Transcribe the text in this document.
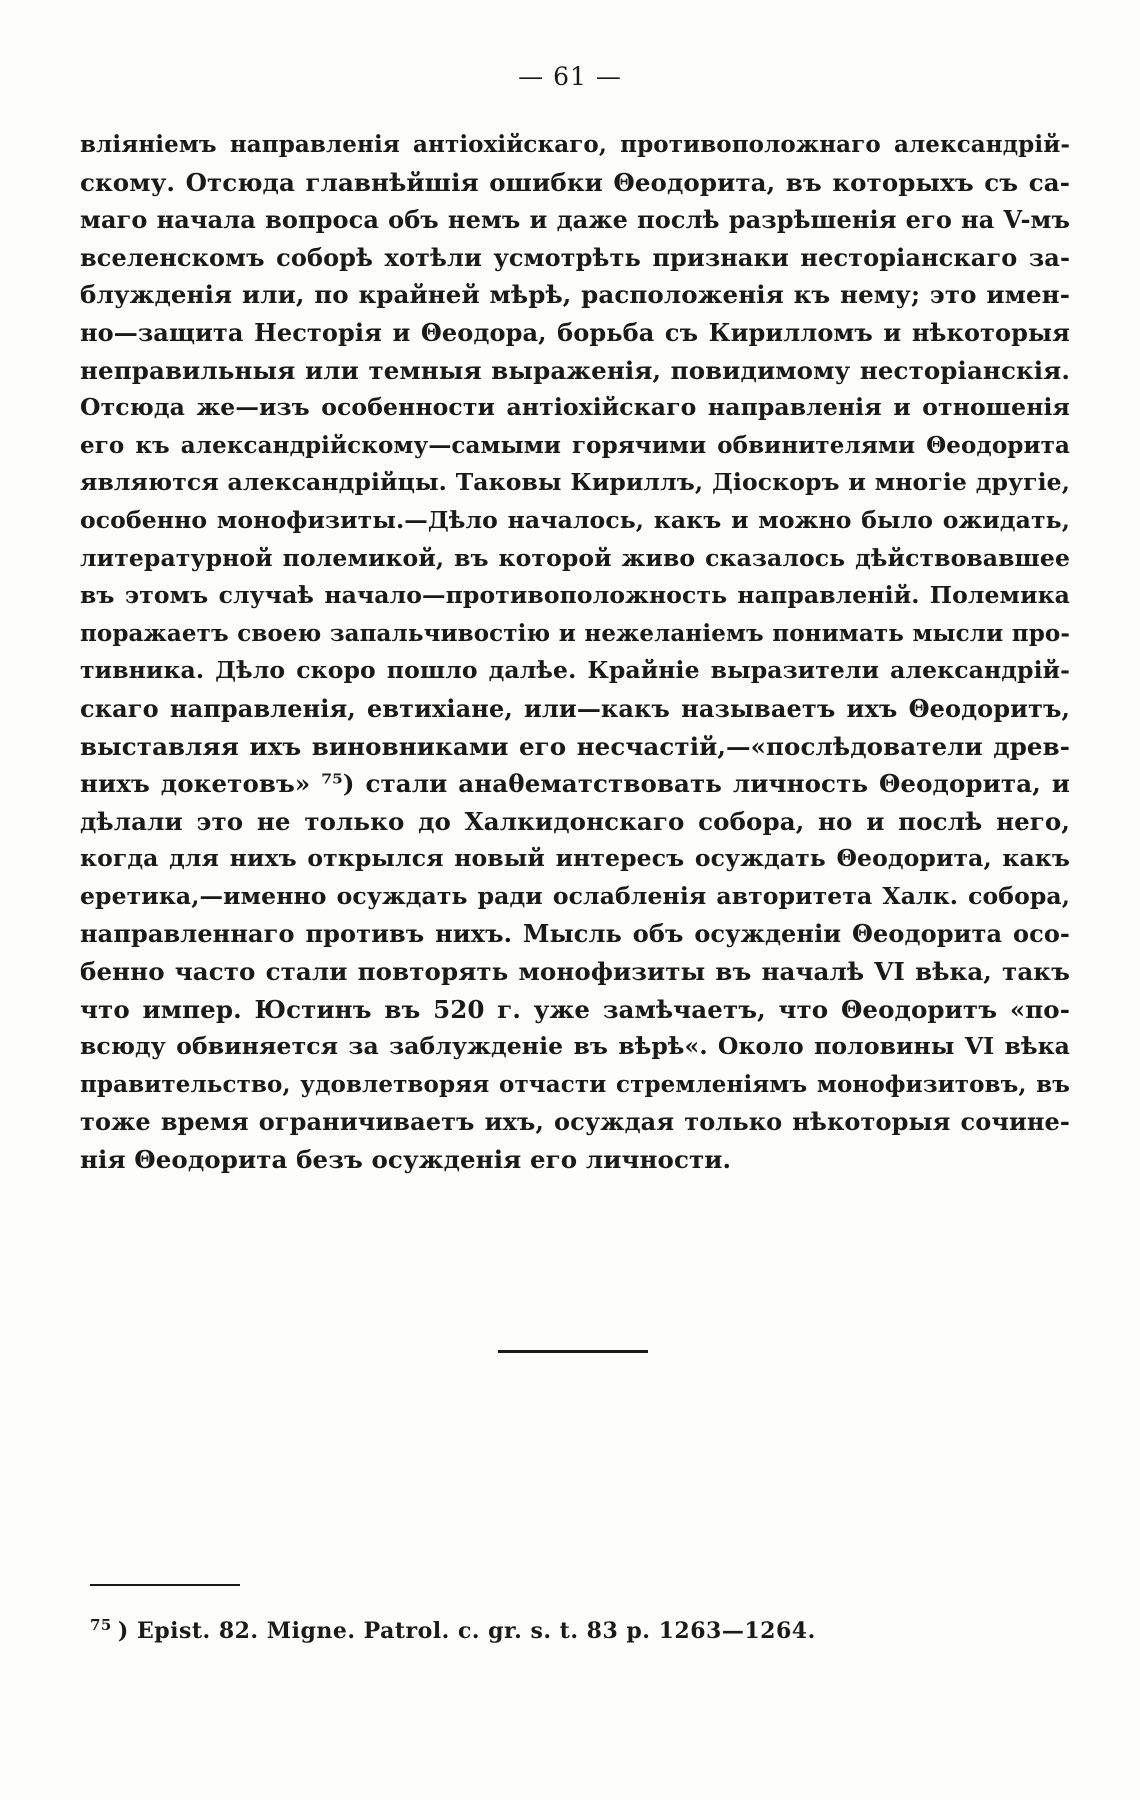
— 61 —
вліяніемъ направленія антіохійскаго, противоположнаго александрій-
скому. Отсюда главнѣйшія ошибки Θеодорита, въ которыхъ съ са-
маго начала вопроса объ немъ и даже послѣ разрѣшенія его на V-мъ
вселенскомъ соборѣ хотѣли усмотрѣть признаки несторіанскаго за-
блужденія или, по крайней мѣрѣ, расположенія къ нему; это имен-
но—защита Несторія и Θеодора, борьба съ Кирилломъ и нѣкоторыя
неправильныя или темныя выраженія, повидимому несторіанскія.
Отсюда же—изъ особенности антіохійскаго направленія и отношенія
его къ александрійскому—самыми горячими обвинителями Θеодорита
являются александрійцы. Таковы Кириллъ, Діоскоръ и многіе другіе,
особенно монофизиты.—Дѣло началось, какъ и можно было ожидать,
литературной полемикой, въ которой живо сказалось дѣйствовавшее
въ этомъ случаѣ начало—противоположность направленій. Полемика
поражаетъ своею запальчивостію и нежеланіемъ понимать мысли про-
тивника. Дѣло скоро пошло далѣе. Крайніе выразители александрій-
скаго направленія, евтихіане, или—какъ называетъ ихъ Θеодоритъ,
выставляя ихъ виновниками его несчастій,—«послѣдователи древ-
нихъ докетовъ» ⁷⁵) стали анаθематствовать личность Θеодорита, и
дѣлали это не только до Халкидонскаго собора, но и послѣ него,
когда для нихъ открылся новый интересъ осуждать Θеодорита, какъ
еретика,—именно осуждать ради ослабленія авторитета Халк. собора,
направленнаго противъ нихъ. Мысль объ осужденіи Θеодорита осо-
бенно часто стали повторять монофизиты въ началѣ VI вѣка, такъ
что импер. Юстинъ въ 520 г. уже замѣчаетъ, что Θеодоритъ «по-
всюду обвиняется за заблужденіе въ вѣрѣ«. Около половины VI вѣка
правительство, удовлетворяя отчасти стремленіямъ монофизитовъ, въ
тоже время ограничиваетъ ихъ, осуждая только нѣкоторыя сочине-
нія Θеодорита безъ осужденія его личности.
$^{75}$ ) Epist. 82. Migne. Patrol. c. gr. s. t. 83 p. 1263—1264.
